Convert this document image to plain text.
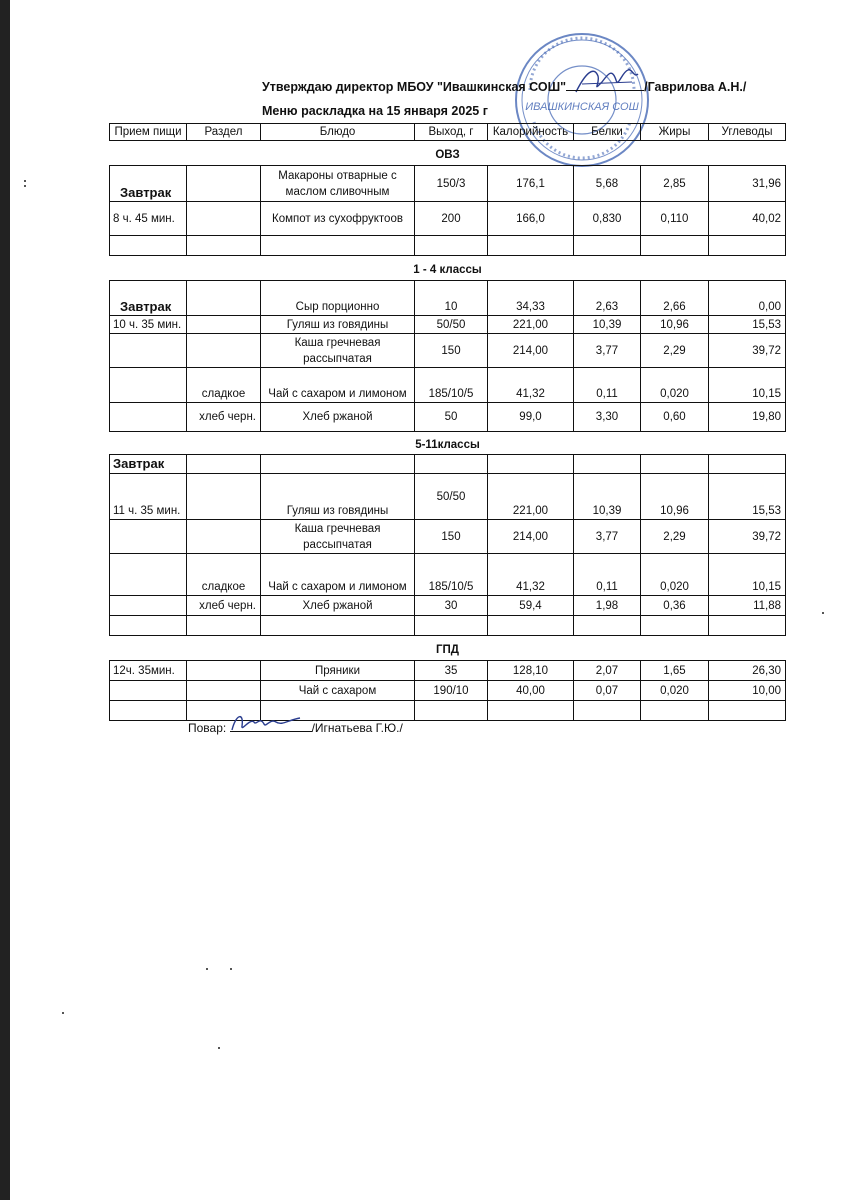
ИВАШКИНСКАЯ СОШ
Утверждаю директор МБОУ "Ивашкинская СОШ"	/Гаврилова А.Н./
Меню раскладка на 15 января 2025 г
Прием пищи	Раздел	Блюдо	Выход, г	Калорийность	Белки	Жиры	Углеводы
ОВЗ							
Завтрак		Макароны отварные с маслом сливочным	150/3	176,1	5,68	2,85	31,96
8 ч. 45 мин.		Компот из сухофруктоов	200	166,0	0,830	0,110	40,02

1 - 4 классы							
Завтрак		Сыр порционно	10	34,33	2,63	2,66	0,00
10 ч. 35 мин.		Гуляш из говядины	50/50	221,00	10,39	10,96	15,53
		Каша гречневая рассыпчатая	150	214,00	3,77	2,29	39,72
	сладкое	Чай с сахаром и лимоном	185/10/5	41,32	0,11	0,020	10,15
	хлеб черн.	Хлеб ржаной	50	99,0	3,30	0,60	19,80
5-11классы							
Завтрак							
11 ч. 35 мин.		Гуляш из говядины	50/50	221,00	10,39	10,96	15,53
		Каша гречневая рассыпчатая	150	214,00	3,77	2,29	39,72
	сладкое	Чай с сахаром и лимоном	185/10/5	41,32	0,11	0,020	10,15
	хлеб черн.	Хлеб ржаной	30	59,4	1,98	0,36	11,88

ГПД							
12ч. 35мин.		Пряники	35	128,10	2,07	1,65	26,30
		Чай с сахаром	190/10	40,00	0,07	0,020	10,00

Повар:	/Игнатьева Г.Ю./
